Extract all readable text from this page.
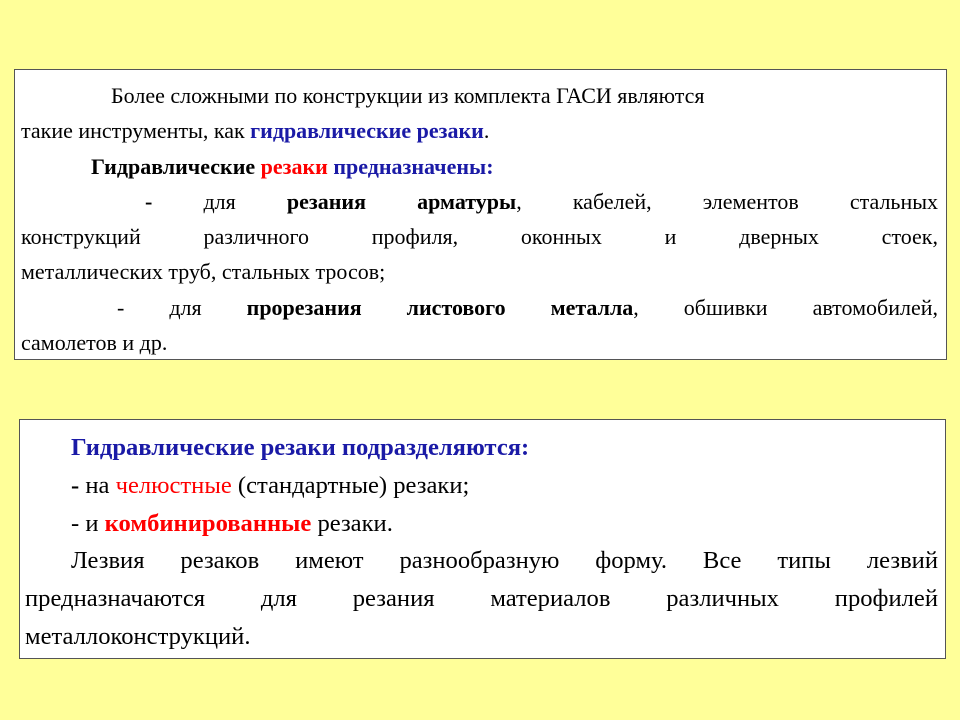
Более сложными по конструкции из комплекта ГАСИ являются
такие инструменты, как гидравлические резаки.
Гидравлические резаки предназначены:
- для резания арматуры, кабелей, элементов стальных
конструкций различного профиля, оконных и дверных стоек,
металлических труб, стальных тросов;
- для прорезания листового металла, обшивки автомобилей,
самолетов и др.
Гидравлические резаки подразделяются:
- на челюстные (стандартные) резаки;
- и комбинированные резаки.
Лезвия резаков имеют разнообразную форму. Все типы лезвий
предназначаются для резания материалов различных профилей
металлоконструкций.
